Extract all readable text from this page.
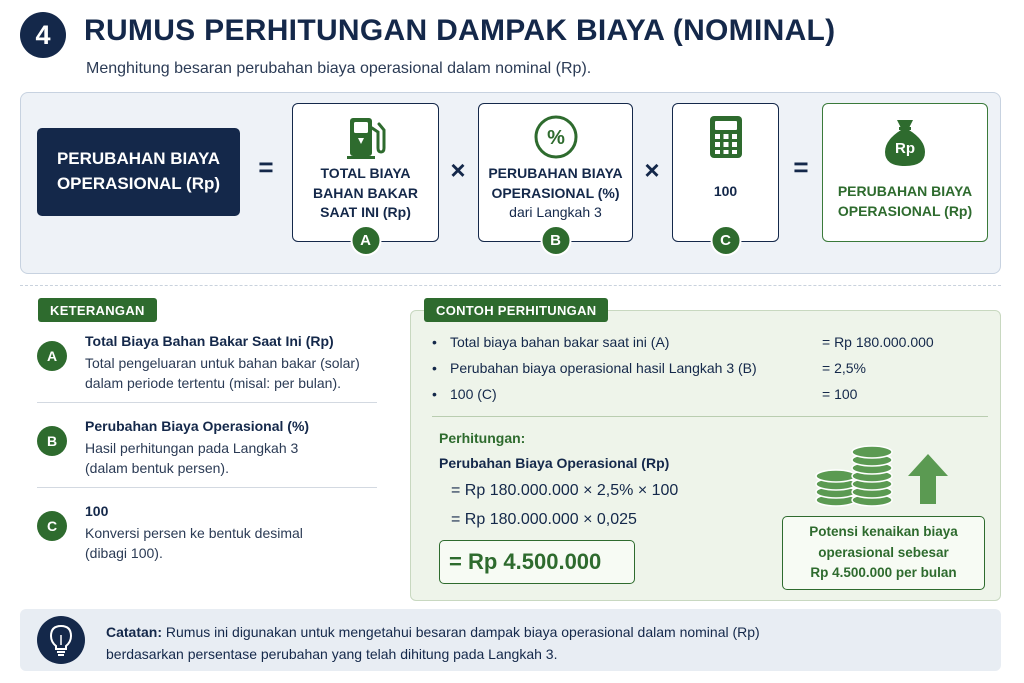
4	RUMUS PERHITUNGAN DAMPAK BIAYA (NOMINAL)
Menghitung besaran perubahan biaya operasional dalam nominal (Rp).
PERUBAHAN BIAYA
OPERASIONAL (Rp)
=	TOTAL BIAYA
BAHAN BAKAR
SAAT INI (Rp)
A
×
%
PERUBAHAN BIAYA
OPERASIONAL (%)
dari Langkah 3
B
×
100
C
=
Rp
PERUBAHAN BIAYA
OPERASIONAL (Rp)
KETERANGAN
A
Total Biaya Bahan Bakar Saat Ini (Rp)
Total pengeluaran untuk bahan bakar (solar)
dalam periode tertentu (misal: per bulan).
B
Perubahan Biaya Operasional (%)
Hasil perhitungan pada Langkah 3
(dalam bentuk persen).
C
100
Konversi persen ke bentuk desimal
(dibagi 100).
CONTOH PERHITUNGAN
• Total biaya bahan bakar saat ini (A)	= Rp 180.000.000
• Perubahan biaya operasional hasil Langkah 3 (B)	= 2,5%
• 100 (C)	= 100
Perhitungan:
Perubahan Biaya Operasional (Rp)
= Rp 180.000.000 × 2,5% × 100
= Rp 180.000.000 × 0,025
= Rp 4.500.000
Potensi kenaikan biaya
operasional sebesar
Rp 4.500.000 per bulan
Catatan: Rumus ini digunakan untuk mengetahui besaran dampak biaya operasional dalam nominal (Rp)
berdasarkan persentase perubahan yang telah dihitung pada Langkah 3.
